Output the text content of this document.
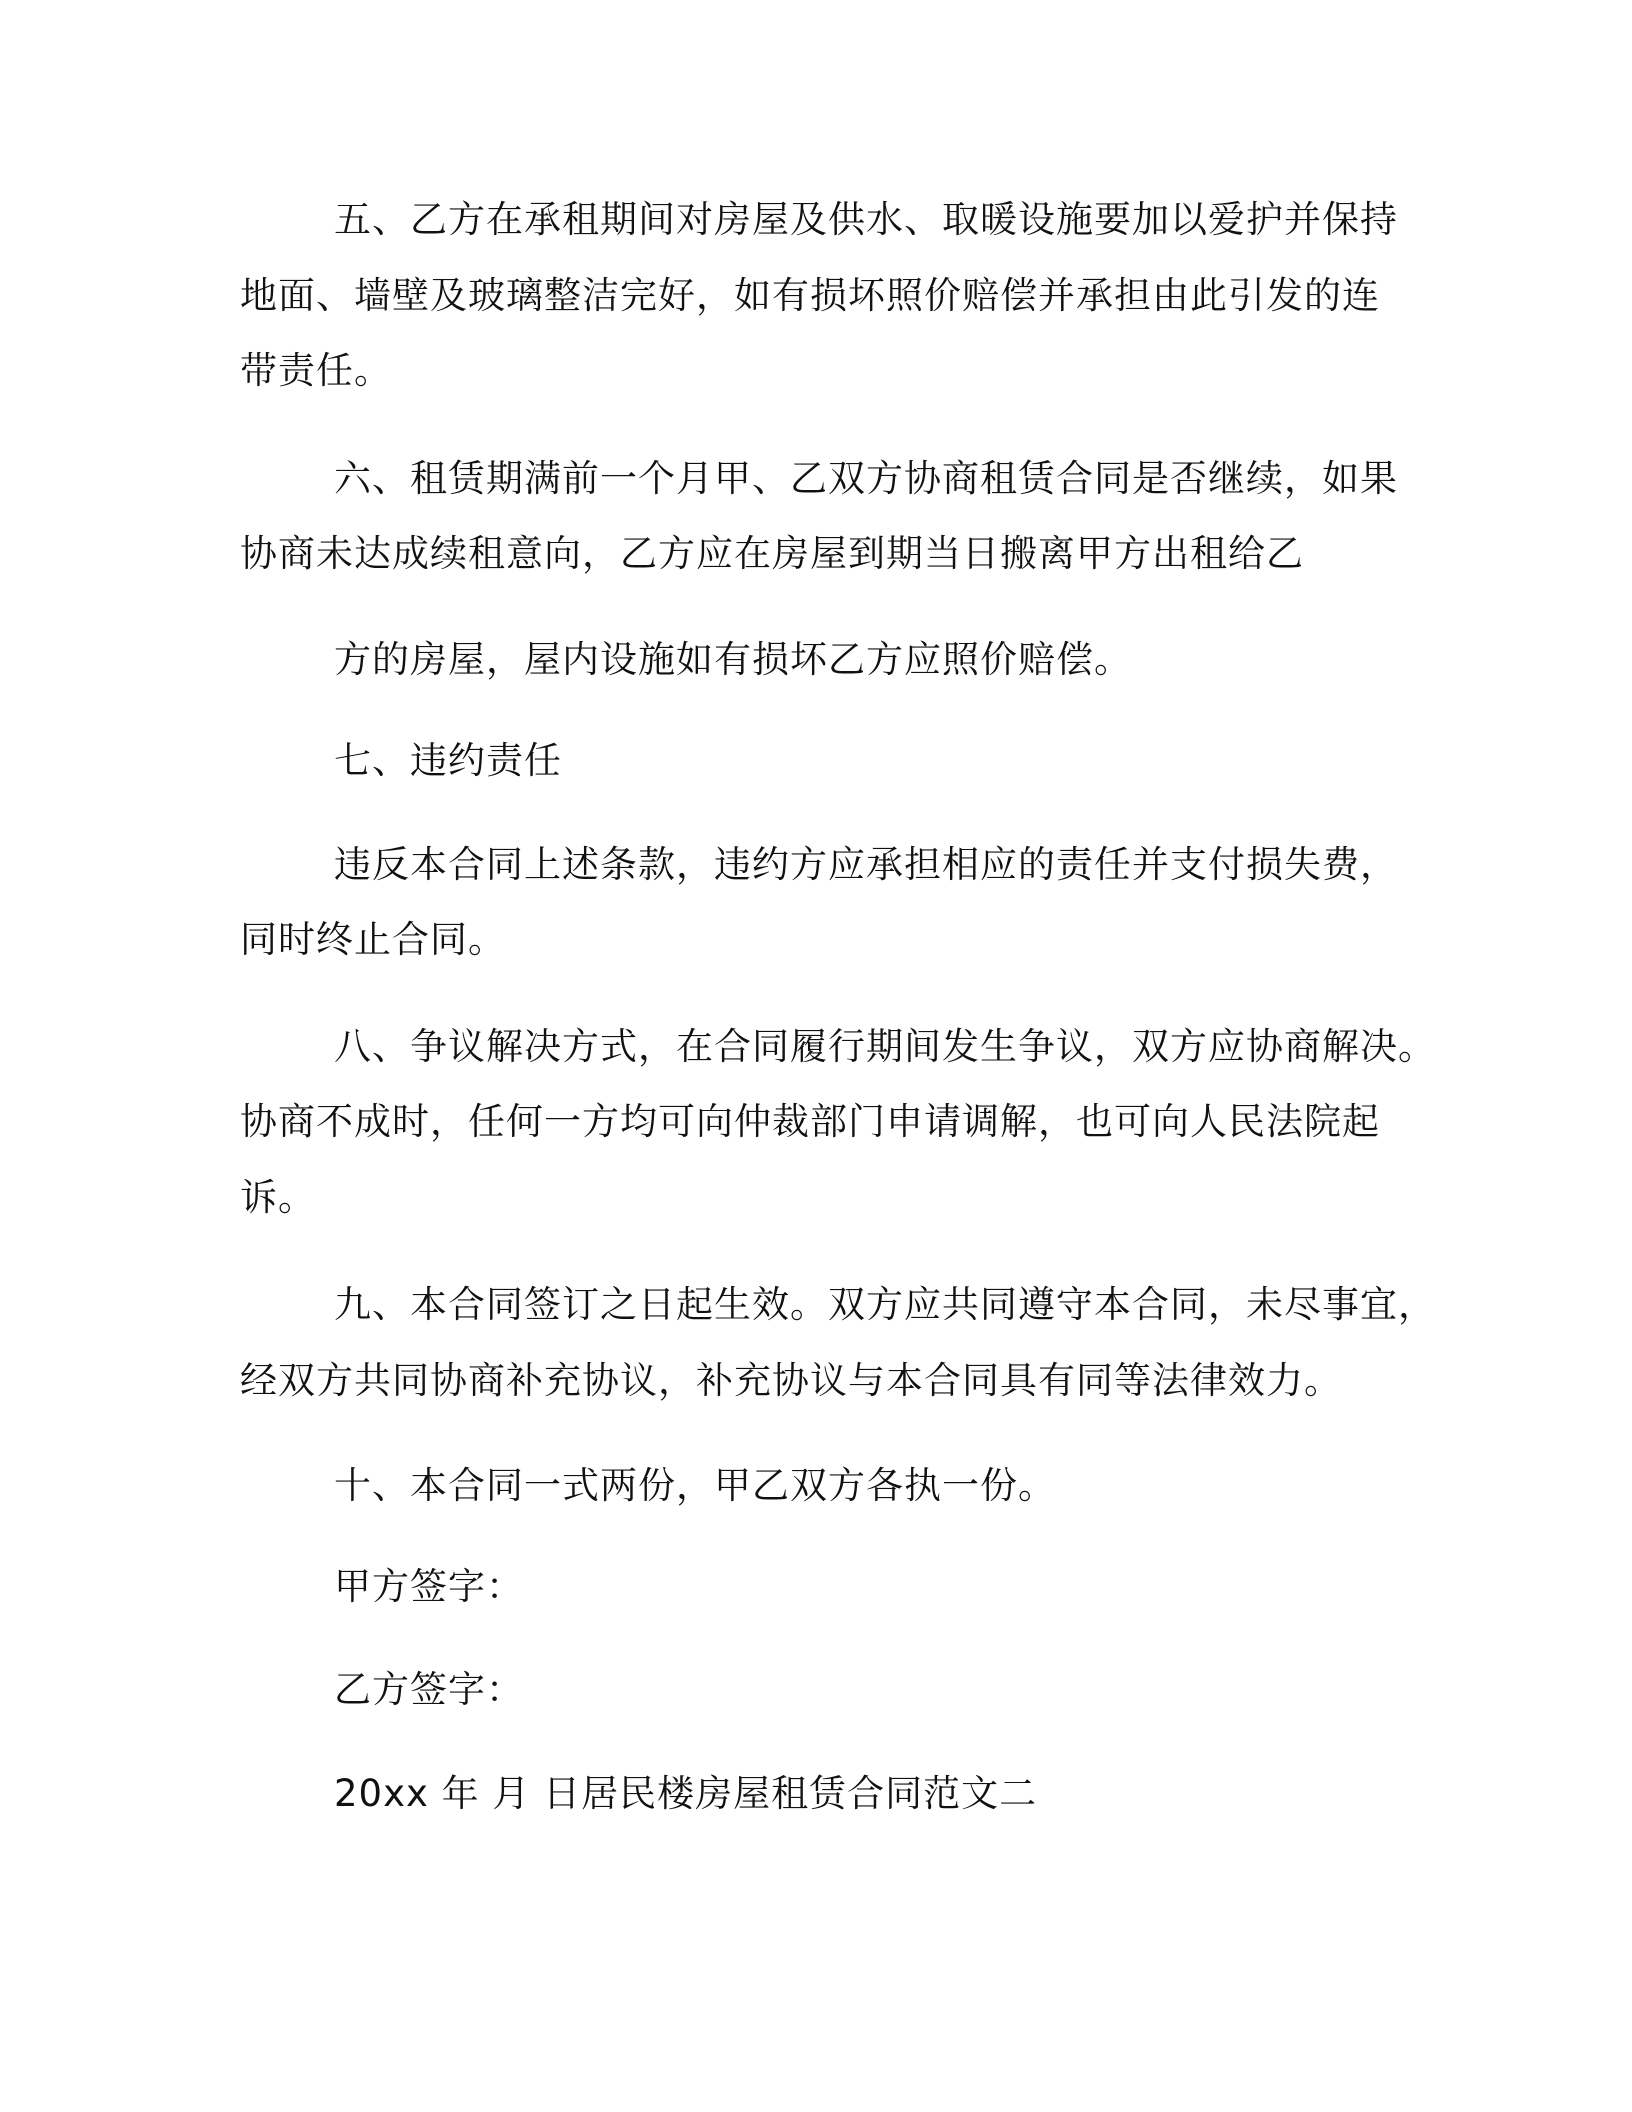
五、乙方在承租期间对房屋及供水、取暖设施要加以爱护并保持
地面、墙壁及玻璃整洁完好，如有损坏照价赔偿并承担由此引发的连
带责任。
六、租赁期满前一个月甲、乙双方协商租赁合同是否继续，如果
协商未达成续租意向，乙方应在房屋到期当日搬离甲方出租给乙
方的房屋，屋内设施如有损坏乙方应照价赔偿。
七、违约责任
违反本合同上述条款，违约方应承担相应的责任并支付损失费，
同时终止合同。
八、争议解决方式，在合同履行期间发生争议，双方应协商解决。
协商不成时，任何一方均可向仲裁部门申请调解，也可向人民法院起
诉。
九、本合同签订之日起生效。双方应共同遵守本合同，未尽事宜，
经双方共同协商补充协议，补充协议与本合同具有同等法律效力。
十、本合同一式两份，甲乙双方各执一份。
甲方签字：
乙方签字：
20xx 年 月 日居民楼房屋租赁合同范文二
